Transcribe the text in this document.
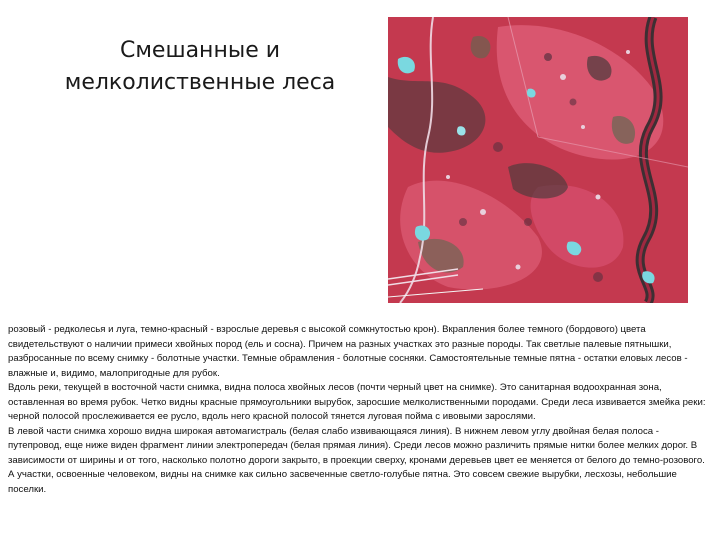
Смешанные и
мелколиственные леса

розовый - редколесья и луга, темно-красный - взрослые деревья с высокой сомкнутостью крон). Вкрапления более темного (бордового) цвета свидетельствуют о наличии примеси хвойных пород (ель и сосна). Причем на разных участках это разные породы. Так светлые палевые пятнышки, разбросанные по всему снимку - болотные участки. Темные обрамления - болотные сосняки. Самостоятельные темные пятна - остатки еловых лесов - влажные и, видимо, малопригодные для рубок.

Вдоль реки, текущей в восточной части снимка, видна полоса хвойных лесов (почти черный цвет на снимке). Это санитарная водоохранная зона, оставленная во время рубок. Четко видны красные прямоугольники вырубок, заросшие мелколиственными породами. Среди леса извивается змейка реки: черной полосой прослеживается ее русло, вдоль него красной полосой тянется луговая пойма с ивовыми зарослями.

В левой части снимка хорошо видна широкая автомагистраль (белая слабо извивающаяся линия). В нижнем левом углу двойная белая полоса - путепровод, еще ниже виден фрагмент линии электропередач (белая прямая линия). Среди лесов можно различить прямые нитки более мелких дорог. В зависимости от ширины и от того, насколько полотно дороги закрыто, в проекции сверху, кронами деревьев цвет ее меняется от белого до темно-розового. А участки, освоенные человеком, видны на снимке как сильно засвеченные светло-голубые пятна. Это совсем свежие вырубки, лесхозы, небольшие поселки.
